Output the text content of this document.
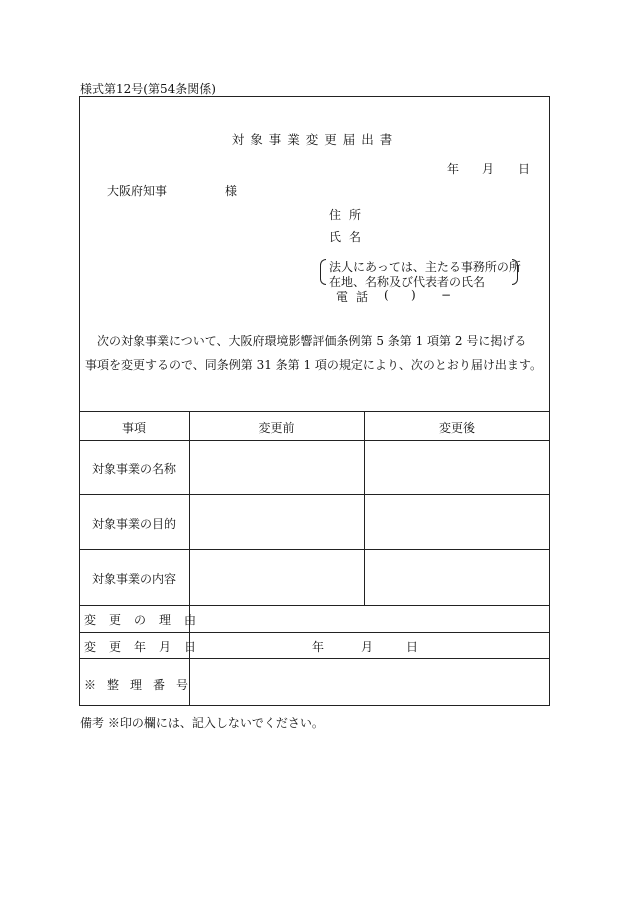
様式第12号(第54条関係)
対象事業変更届出書
年 月 日
大阪府知事	様
住所
氏名
法人にあっては、主たる事務所の所
在地、名称及び代表者の氏名
電話 ( ) −
次の対象事業について、大阪府環境影響評価条例第 5 条第 1 項第 2 号に掲げる
事項を変更するので、同条例第 31 条第 1 項の規定により、次のとおり届け出ます。
事項	変更前	変更後
対象事業の名称
対象事業の目的
対象事業の内容
変更の理由
変更年月日	年	月	日
※整理番号
備考 ※印の欄には、記入しないでください。
